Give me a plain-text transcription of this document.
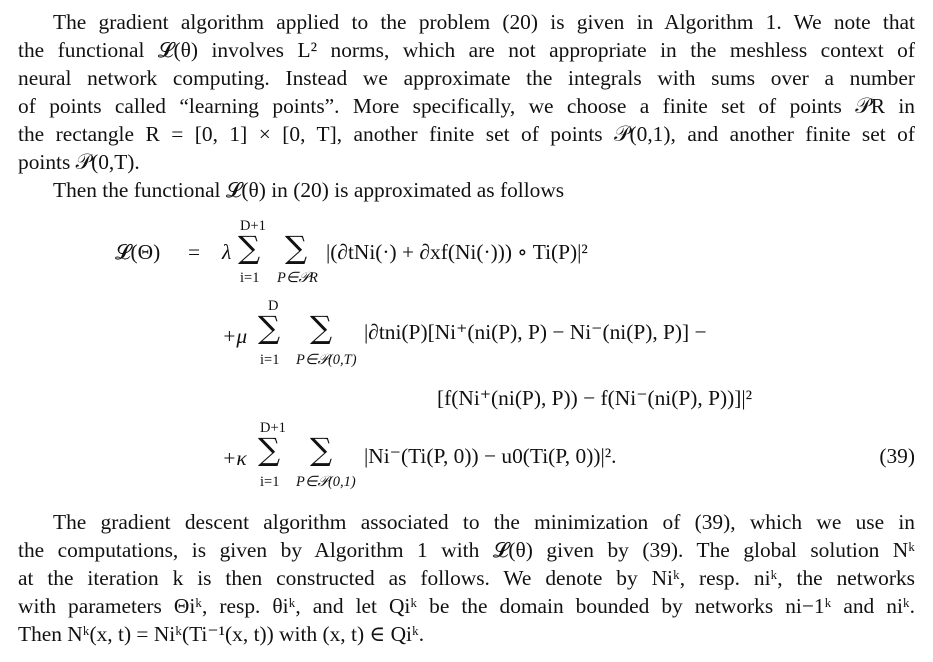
The gradient algorithm applied to the problem (20) is given in Algorithm 1. We note that
the functional 𝓛(θ) involves L² norms, which are not appropriate in the meshless context of
neural network computing. Instead we approximate the integrals with sums over a number
of points called “learning points”. More specifically, we choose a finite set of points 𝒫R in
the rectangle R = [0, 1] × [0, T], another finite set of points 𝒫(0,1), and another finite set of
points 𝒫(0,T).
Then the functional 𝓛(θ) in (20) is approximated as follows
𝓛(Θ) = λ
D+1
∑ ∑
i=1 P∈𝒫R
|(∂tNi(·) + ∂xf(Ni(·))) ∘ Ti(P)|²
+μ
D
∑ ∑
i=1 P∈𝒫(0,T)
|∂tni(P)[Ni⁺(ni(P), P) − Ni⁻(ni(P), P)] −
[f(Ni⁺(ni(P), P)) − f(Ni⁻(ni(P), P))]|²
+κ
D+1
∑ ∑
i=1 P∈𝒫(0,1)
|Ni⁻(Ti(P, 0)) − u0(Ti(P, 0))|².	(39)
The gradient descent algorithm associated to the minimization of (39), which we use in
the computations, is given by Algorithm 1 with 𝓛(θ) given by (39). The global solution Nᵏ
at the iteration k is then constructed as follows. We denote by Niᵏ, resp. niᵏ, the networks
with parameters Θiᵏ, resp. θiᵏ, and let Qiᵏ be the domain bounded by networks ni−1ᵏ and niᵏ.
Then Nᵏ(x, t) = Niᵏ(Ti⁻¹(x, t)) with (x, t) ∈ Qiᵏ.
